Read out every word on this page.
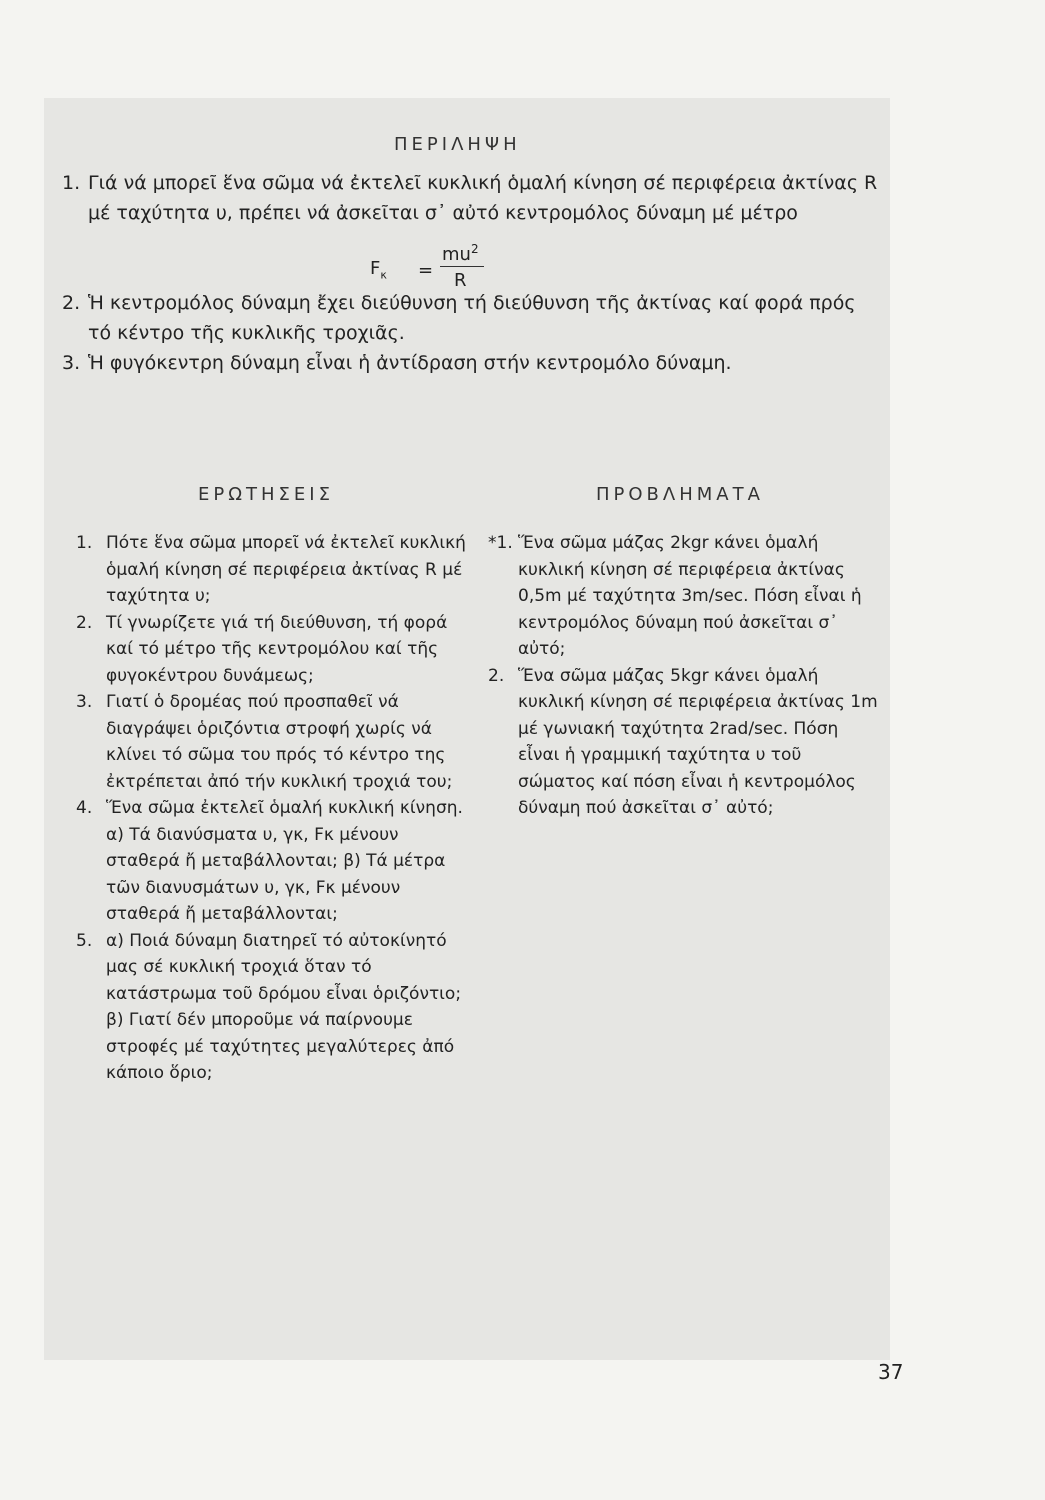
ΠΕΡΙΛΗΨΗ
1. Γιά νά μπορεῖ ἕνα σῶμα νά ἐκτελεῖ κυκλική ὁμαλή κίνηση σέ περιφέρεια ἀκτίνας R μέ ταχύτητα υ, πρέπει νά ἀσκεῖται σ᾽ αὐτό κεντρομόλος δύναμη μέ μέτρο
2. Ἡ κεντρομόλος δύναμη ἔχει διεύθυνση τή διεύθυνση τῆς ἀκτίνας καί φορά πρός τό κέντρο τῆς κυκλικῆς τροχιᾶς.
3. Ἡ φυγόκεντρη δύναμη εἶναι ἡ ἀντίδραση στήν κεντρομόλο δύναμη.
$F_\kappa$ =
$mu^2$
R
ΕΡΩΤΗΣΕΙΣ	ΠΡΟΒΛΗΜΑΤΑ
1. Πότε ἕνα σῶμα μπορεῖ νά ἐκτελεῖ κυκλική ὁμαλή κίνηση σέ περιφέρεια ἀκτίνας R μέ ταχύτητα υ;
2. Τί γνωρίζετε γιά τή διεύθυνση, τή φορά καί τό μέτρο τῆς κεντρομόλου καί τῆς φυγοκέντρου δυνάμεως;
3. Γιατί ὁ δρομέας πού προσπαθεῖ νά διαγράψει ὁριζόντια στροφή χωρίς νά κλίνει τό σῶμα του πρός τό κέντρο της ἐκτρέπεται ἀπό τήν κυκλική τροχιά του;
4. Ἕνα σῶμα ἐκτελεῖ ὁμαλή κυκλική κίνηση. α) Τά διανύσματα υ, γκ, Fκ μένουν σταθερά ἤ μεταβάλλονται; β) Τά μέτρα τῶν διανυσμάτων υ, γκ, Fκ μένουν σταθερά ἤ μεταβάλλονται;
5. α) Ποιά δύναμη διατηρεῖ τό αὐτοκίνητό μας σέ κυκλική τροχιά ὅταν τό κατάστρωμα τοῦ δρόμου εἶναι ὁριζόντιο; β) Γιατί δέν μποροῦμε νά παίρνουμε στροφές μέ ταχύτητες μεγαλύτερες ἀπό κάποιο ὅριο;
*1. Ἕνα σῶμα μάζας 2kgr κάνει ὁμαλή κυκλική κίνηση σέ περιφέρεια ἀκτίνας 0,5m μέ ταχύτητα 3m/sec. Πόση εἶναι ἡ κεντρομόλος δύναμη πού ἀσκεῖται σ᾽ αὐτό;
2. Ἕνα σῶμα μάζας 5kgr κάνει ὁμαλή κυκλική κίνηση σέ περιφέρεια ἀκτίνας 1m μέ γωνιακή ταχύτητα 2rad/sec. Πόση εἶναι ἡ γραμμική ταχύτητα υ τοῦ σώματος καί πόση εἶναι ἡ κεντρομόλος δύναμη πού ἀσκεῖται σ᾽ αὐτό;
37
